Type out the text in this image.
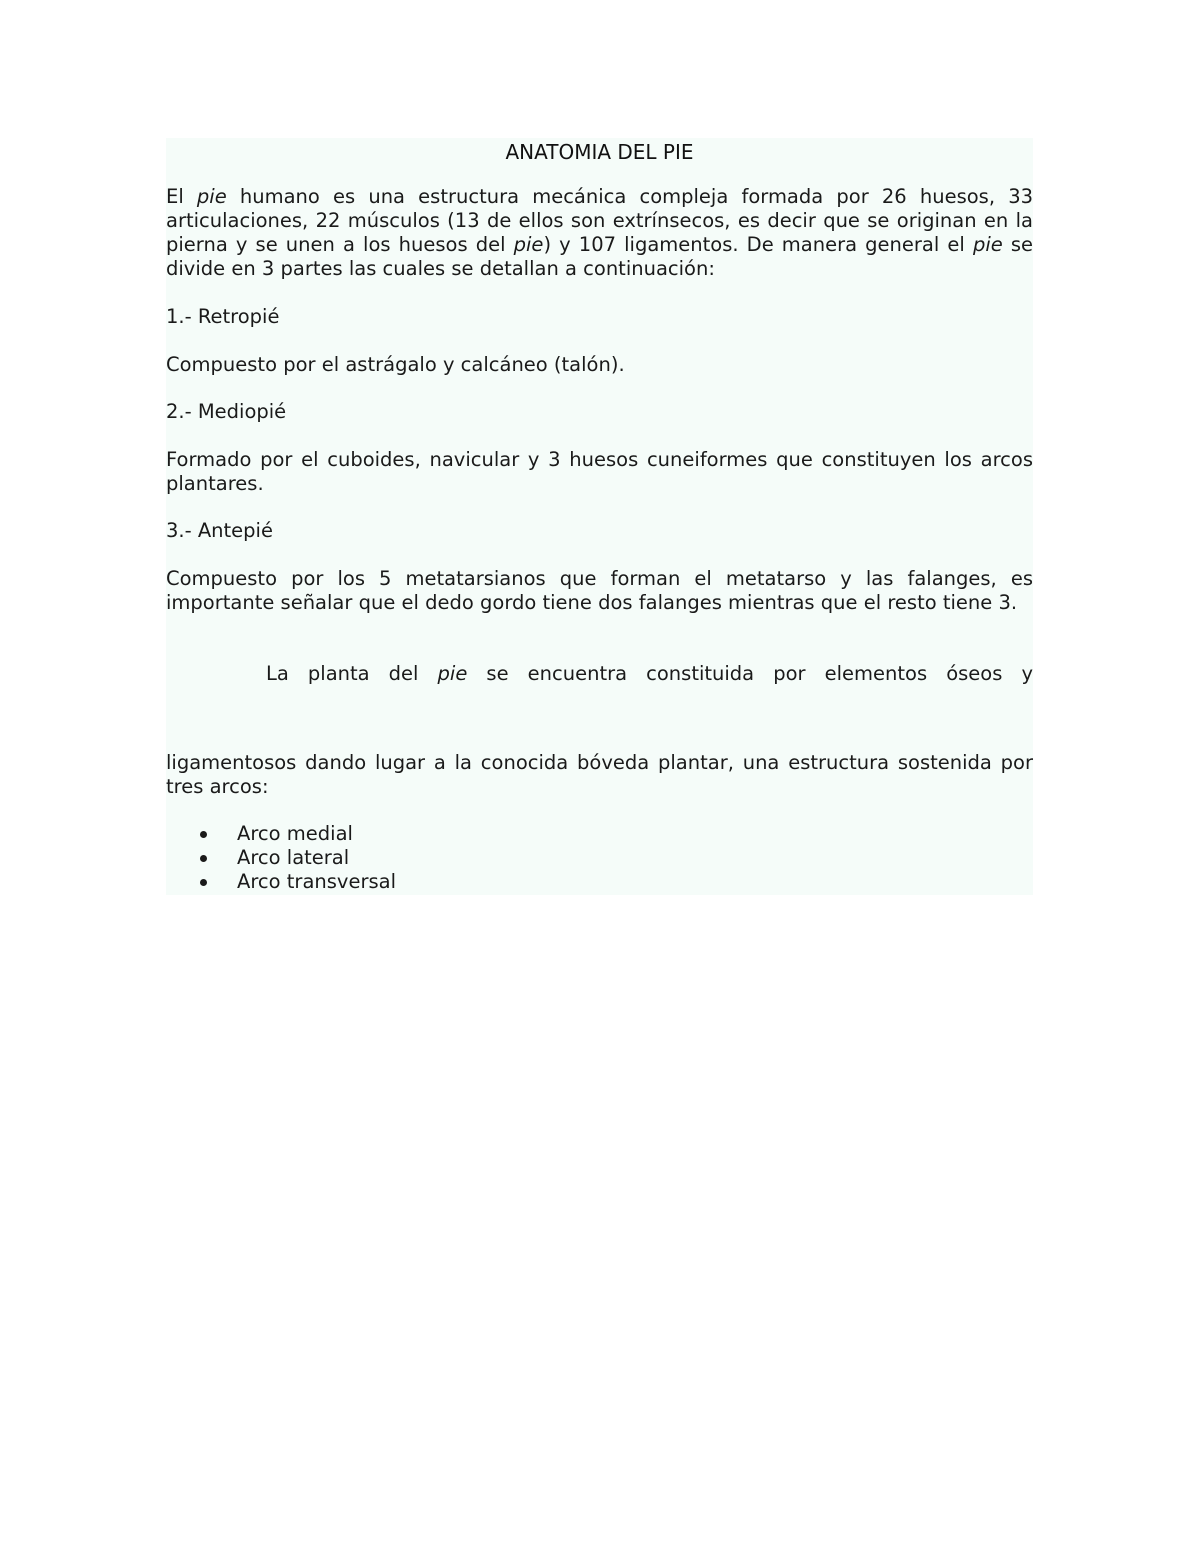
ANATOMIA DEL PIE

El pie humano es una estructura mecánica compleja formada por 26 huesos, 33 articulaciones, 22 músculos (13 de ellos son extrínsecos, es decir que se originan en la pierna y se unen a los huesos del pie) y 107 ligamentos. De manera general el pie se divide en 3 partes las cuales se detallan a continuación:

1.- Retropié

Compuesto por el astrágalo y calcáneo (talón).

2.- Mediopié

Formado por el cuboides, navicular y 3 huesos cuneiformes que constituyen los arcos plantares.

3.- Antepié

Compuesto por los 5 metatarsianos que forman el metatarso y las falanges, es importante señalar que el dedo gordo tiene dos falanges mientras que el resto tiene 3.

La planta del pie se encuentra constituida por elementos óseos y

ligamentosos dando lugar a la conocida bóveda plantar, una estructura sostenida por tres arcos:

Arco medial
Arco lateral
Arco transversal
